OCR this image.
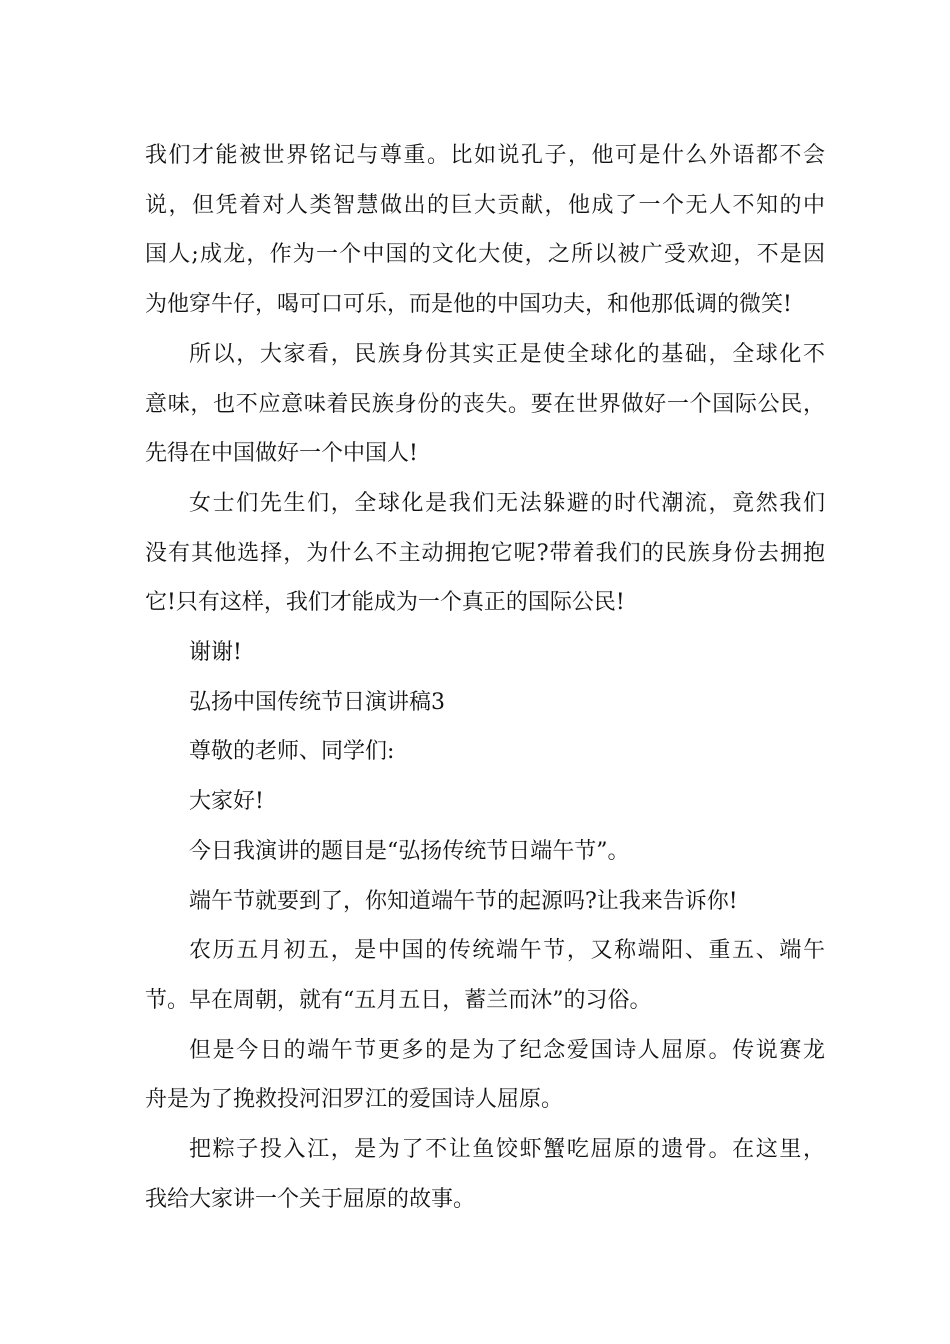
我们才能被世界铭记与尊重。比如说孔子，他可是什么外语都不会
说，但凭着对人类智慧做出的巨大贡献，他成了一个无人不知的中
国人;成龙，作为一个中国的文化大使，之所以被广受欢迎，不是因
为他穿牛仔，喝可口可乐，而是他的中国功夫，和他那低调的微笑!
所以，大家看，民族身份其实正是使全球化的基础，全球化不
意味，也不应意味着民族身份的丧失。要在世界做好一个国际公民，
先得在中国做好一个中国人!
女士们先生们，全球化是我们无法躲避的时代潮流，竟然我们
没有其他选择，为什么不主动拥抱它呢?带着我们的民族身份去拥抱
它!只有这样，我们才能成为一个真正的国际公民!
谢谢!
弘扬中国传统节日演讲稿3
尊敬的老师、同学们:
大家好!
今日我演讲的题目是“弘扬传统节日端午节”。
端午节就要到了，你知道端午节的起源吗?让我来告诉你!
农历五月初五，是中国的传统端午节，又称端阳、重五、端午
节。早在周朝，就有“五月五日，蓄兰而沐”的习俗。
但是今日的端午节更多的是为了纪念爱国诗人屈原。传说赛龙
舟是为了挽救投河汨罗江的爱国诗人屈原。
把粽子投入江，是为了不让鱼饺虾蟹吃屈原的遗骨。在这里，
我给大家讲一个关于屈原的故事。
